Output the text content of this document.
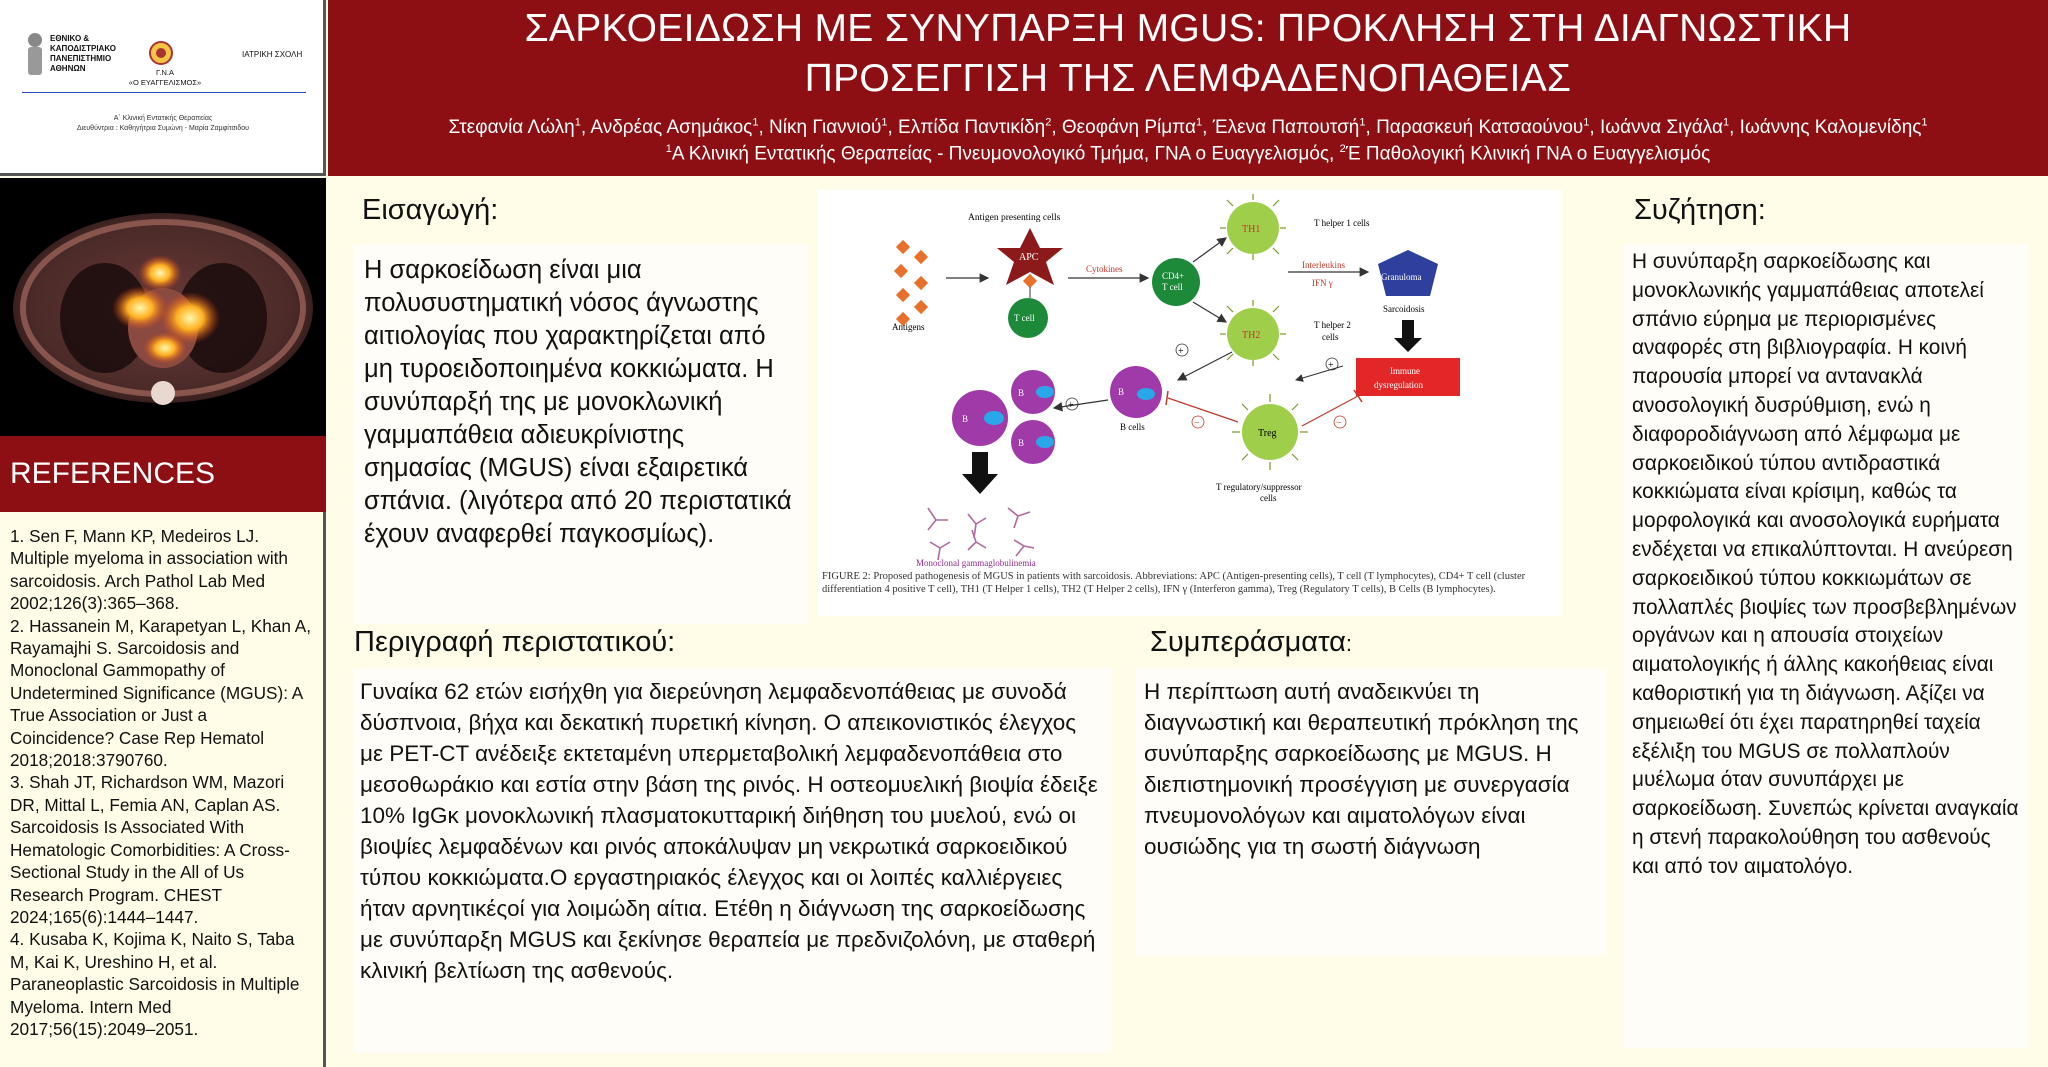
ΕΘΝΙΚΟ &
ΚΑΠΟΔΙΣΤΡΙΑΚΟ
ΠΑΝΕΠΙΣΤΗΜΙΟ
ΑΘΗΝΩΝ	Γ.Ν.Α
«Ο ΕΥΑΓΓΕΛΙΣΜΟΣ»
ΙΑΤΡΙΚΗ ΣΧΟΛΗ
Α΄ Κλινική Εντατικής Θεραπείας
Διευθύντρια : Καθηγήτρια Συμώνη - Μαρία Ζαμφίτσιδου
ΣΑΡΚΟΕΙΔΩΣΗ ΜΕ ΣΥΝΥΠΑΡΞΗ MGUS: ΠΡΟΚΛΗΣΗ ΣΤΗ ΔΙΑΓΝΩΣΤΙΚΗ
ΠΡΟΣΕΓΓΙΣΗ ΤΗΣ ΛΕΜΦΑΔΕΝΟΠΑΘΕΙΑΣ
Στεφανία Λώλη$^1$, Ανδρέας Ασημάκος$^1$, Νίκη Γιαννιού$^1$, Ελπίδα Παντικίδη$^2$, Θεοφάνη Ρίμπα$^1$, Έλενα Παπουτσή$^1$, Παρασκευή Κατσαούνου$^1$, Ιωάννα Σιγάλα$^1$, Ιωάννης Καλομενίδης$^1$
$^1$Α Κλινική Εντατικής Θεραπείας - Πνευμονολογικό Τμήμα, ΓΝΑ ο Ευαγγελισμός, $^2$Έ Παθολογική Κλινική ΓΝΑ ο Ευαγγελισμός
REFERENCES
1. Sen F, Mann KP, Medeiros LJ. Multiple myeloma in association with sarcoidosis. Arch Pathol Lab Med 2002;126(3):365–368.
2. Hassanein M, Karapetyan L, Khan A, Rayamajhi S. Sarcoidosis and Monoclonal Gammopathy of Undetermined Significance (MGUS): A True Association or Just a Coincidence? Case Rep Hematol 2018;2018:3790760.
3. Shah JT, Richardson WM, Mazori DR, Mittal L, Femia AN, Caplan AS. Sarcoidosis Is Associated With Hematologic Comorbidities: A Cross-Sectional Study in the All of Us Research Program. CHEST 2024;165(6):1444–1447.
4. Kusaba K, Kojima K, Naito S, Taba M, Kai K, Ureshino H, et al. Paraneoplastic Sarcoidosis in Multiple Myeloma. Intern Med 2017;56(15):2049–2051.
Εισαγωγή:
Η σαρκοείδωση είναι μια πολυσυστηματική νόσος άγνωστης αιτιολογίας που χαρακτηρίζεται από μη τυροειδοποιημένα κοκκιώματα. Η συνύπαρξή της με μονοκλωνική γαμμαπάθεια αδιευκρίνιστης σημασίας (MGUS) είναι εξαιρετικά σπάνια. (λιγότερα από 20 περιστατικά έχουν αναφερθεί παγκοσμίως).
Antigens
Antigen presenting cells
APC
T cell
Cytokines
CD4+
T cell
TH1
T helper 1 cells
TH2
T helper 2
cells
Interleukins
IFN γ
Granuloma
Sarcoidosis
Immune
dysregulation
+
+
B
B cells
B
B
B
Monoclonal gammaglobulinemia
Treg
T regulatory/suppressor
cells
−	−
FIGURE 2: Proposed pathogenesis of MGUS in patients with sarcoidosis. Abbreviations: APC (Antigen-presenting cells), T cell (T lymphocytes), CD4+ T cell (cluster differentiation 4 positive T cell), TH1 (T Helper 1 cells), TH2 (T Helper 2 cells), IFN γ (Interferon gamma), Treg (Regulatory T cells), B Cells (B lymphocytes).
Περιγραφή περιστατικού:
Γυναίκα 62 ετών εισήχθη για διερεύνηση λεμφαδενοπάθειας με συνοδά δύσπνοια, βήχα και δεκατική πυρετική κίνηση. Ο απεικονιστικός έλεγχος με PET-CT ανέδειξε εκτεταμένη υπερμεταβολική λεμφαδενοπάθεια στο μεσοθωράκιο και εστία στην βάση της ρινός. Η οστεομυελική βιοψία έδειξε 10% IgGκ μονοκλωνική πλασματοκυτταρική διήθηση του μυελού, ενώ οι βιοψίες λεμφαδένων και ρινός αποκάλυψαν μη νεκρωτικά σαρκοειδικού τύπου κοκκιώματα.Ο εργαστηριακός έλεγχος και οι λοιπές καλλιέργειες ήταν αρνητικέςοί για λοιμώδη αίτια. Ετέθη η διάγνωση της σαρκοείδωσης με συνύπαρξη MGUS και ξεκίνησε θεραπεία με πρεδνιζολόνη, με σταθερή κλινική βελτίωση της ασθενούς.
Συμπεράσματα:
Η περίπτωση αυτή αναδεικνύει τη διαγνωστική και θεραπευτική πρόκληση της συνύπαρξης σαρκοείδωσης με MGUS. Η διεπιστημονική προσέγγιση με συνεργασία πνευμονολόγων και αιματολόγων είναι ουσιώδης για τη σωστή διάγνωση
Συζήτηση:
Η συνύπαρξη σαρκοείδωσης και μονοκλωνικής γαμμαπάθειας αποτελεί σπάνιο εύρημα με περιορισμένες αναφορές στη βιβλιογραφία. Η κοινή παρουσία μπορεί να αντανακλά ανοσολογική δυσρύθμιση, ενώ η διαφοροδιάγνωση από λέμφωμα με σαρκοειδικού τύπου αντιδραστικά κοκκιώματα είναι κρίσιμη, καθώς τα μορφολογικά και ανοσολογικά ευρήματα ενδέχεται να επικαλύπτονται. Η ανεύρεση σαρκοειδικού τύπου κοκκιωμάτων σε πολλαπλές βιοψίες των προσβεβλημένων οργάνων και η απουσία στοιχείων αιματολογικής ή άλλης κακοήθειας είναι καθοριστική για τη διάγνωση. Αξίζει να σημειωθεί ότι έχει παρατηρηθεί ταχεία εξέλιξη του MGUS σε πολλαπλούν μυέλωμα όταν συνυπάρχει με σαρκοείδωση. Συνεπώς κρίνεται αναγκαία η στενή παρακολούθηση του ασθενούς και από τον αιματολόγο.
